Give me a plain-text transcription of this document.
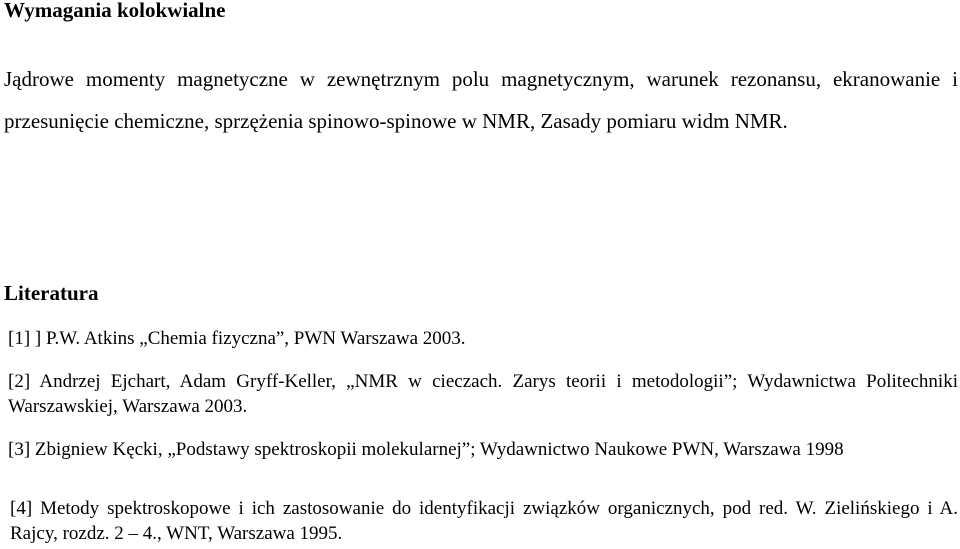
Wymagania kolokwialne
Jądrowe momenty magnetyczne w zewnętrznym polu magnetycznym, warunek rezonansu, ekranowanie i przesunięcie chemiczne, sprzężenia spinowo-spinowe w NMR, Zasady pomiaru widm NMR.
Literatura
[1] ] P.W. Atkins „Chemia fizyczna”, PWN Warszawa 2003.
[2] Andrzej Ejchart, Adam Gryff-Keller, „NMR w cieczach. Zarys teorii i metodologii”; Wydawnictwa Politechniki Warszawskiej, Warszawa 2003.
[3] Zbigniew Kęcki, „Podstawy spektroskopii molekularnej”; Wydawnictwo Naukowe PWN, Warszawa 1998
[4] Metody spektroskopowe i ich zastosowanie do identyfikacji związków organicznych, pod red. W. Zielińskiego i A. Rajcy, rozdz. 2 – 4., WNT, Warszawa 1995.
